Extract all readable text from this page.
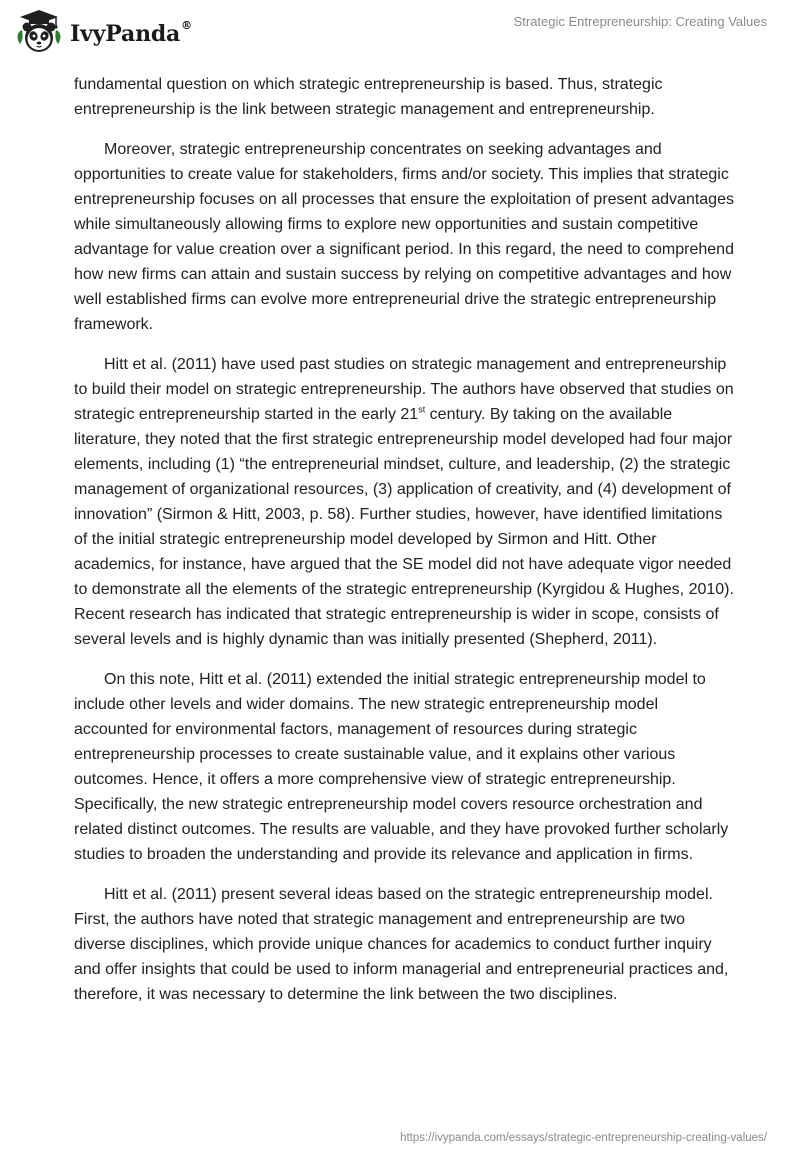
IvyPanda®	Strategic Entrepreneurship: Creating Values

fundamental question on which strategic entrepreneurship is based. Thus, strategic entrepreneurship is the link between strategic management and entrepreneurship.

Moreover, strategic entrepreneurship concentrates on seeking advantages and opportunities to create value for stakeholders, firms and/or society. This implies that strategic entrepreneurship focuses on all processes that ensure the exploitation of present advantages while simultaneously allowing firms to explore new opportunities and sustain competitive advantage for value creation over a significant period. In this regard, the need to comprehend how new firms can attain and sustain success by relying on competitive advantages and how well established firms can evolve more entrepreneurial drive the strategic entrepreneurship framework.

Hitt et al. (2011) have used past studies on strategic management and entrepreneurship to build their model on strategic entrepreneurship. The authors have observed that studies on strategic entrepreneurship started in the early 21st century. By taking on the available literature, they noted that the first strategic entrepreneurship model developed had four major elements, including (1) “the entrepreneurial mindset, culture, and leadership, (2) the strategic management of organizational resources, (3) application of creativity, and (4) development of innovation” (Sirmon & Hitt, 2003, p. 58). Further studies, however, have identified limitations of the initial strategic entrepreneurship model developed by Sirmon and Hitt. Other academics, for instance, have argued that the SE model did not have adequate vigor needed to demonstrate all the elements of the strategic entrepreneurship (Kyrgidou & Hughes, 2010). Recent research has indicated that strategic entrepreneurship is wider in scope, consists of several levels and is highly dynamic than was initially presented (Shepherd, 2011).

On this note, Hitt et al. (2011) extended the initial strategic entrepreneurship model to include other levels and wider domains. The new strategic entrepreneurship model accounted for environmental factors, management of resources during strategic entrepreneurship processes to create sustainable value, and it explains other various outcomes. Hence, it offers a more comprehensive view of strategic entrepreneurship. Specifically, the new strategic entrepreneurship model covers resource orchestration and related distinct outcomes. The results are valuable, and they have provoked further scholarly studies to broaden the understanding and provide its relevance and application in firms.

Hitt et al. (2011) present several ideas based on the strategic entrepreneurship model. First, the authors have noted that strategic management and entrepreneurship are two diverse disciplines, which provide unique chances for academics to conduct further inquiry and offer insights that could be used to inform managerial and entrepreneurial practices and, therefore, it was necessary to determine the link between the two disciplines.

https://ivypanda.com/essays/strategic-entrepreneurship-creating-values/
